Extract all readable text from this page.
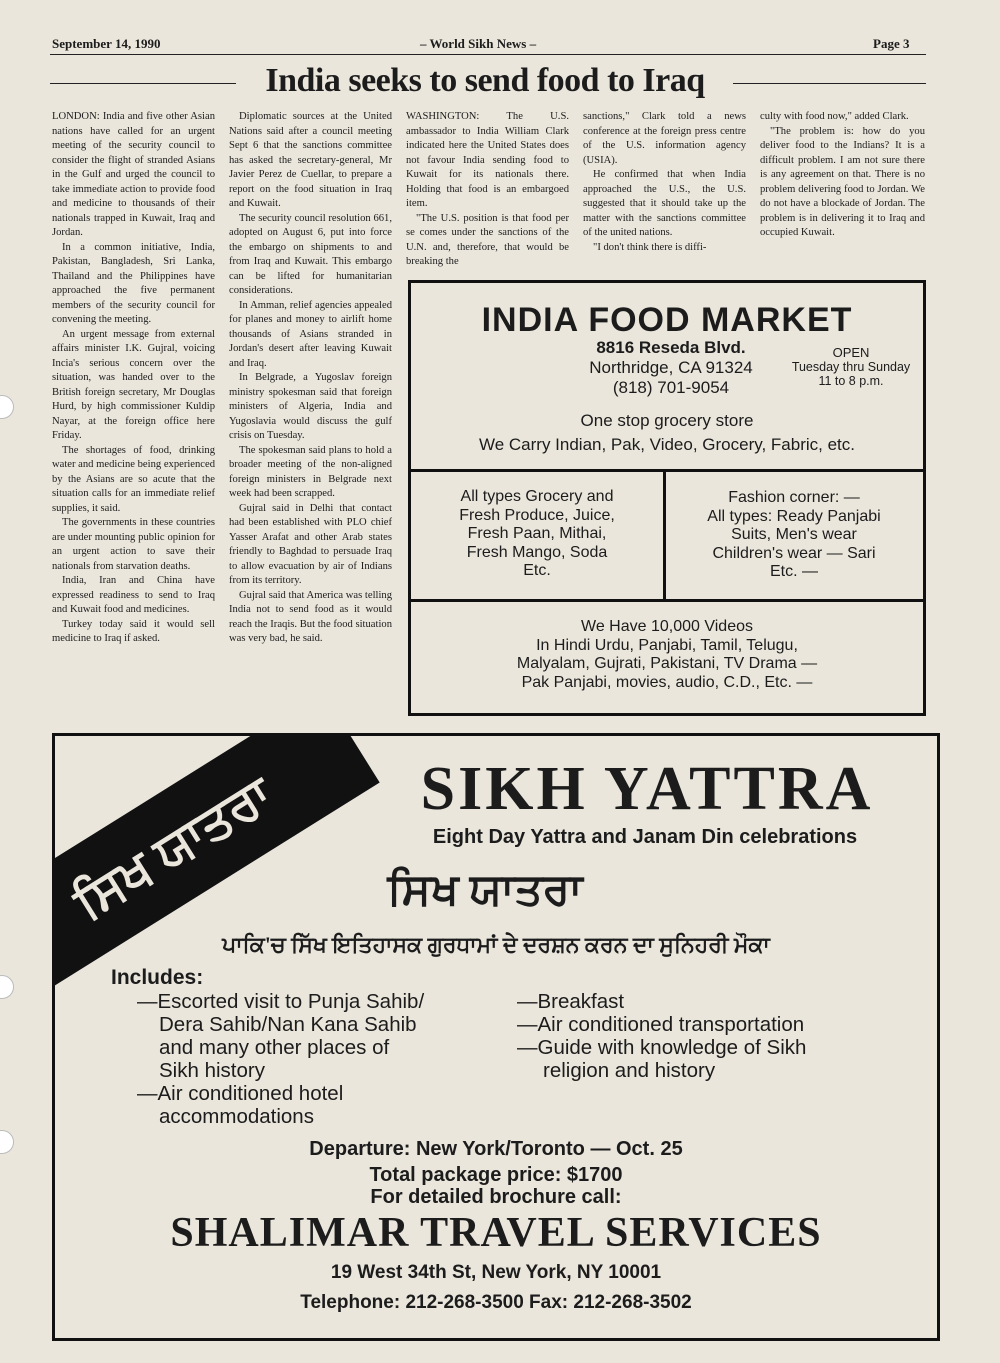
September 14, 1990	– World Sikh News –	Page 3
India seeks to send food to Iraq

LONDON: India and five other Asian nations have called for an urgent meeting of the security council to consider the flight of stranded Asians in the Gulf and urged the council to take immediate action to provide food and medicine to thousands of their nationals trapped in Kuwait, Iraq and Jordan.

In a common initiative, India, Pakistan, Bangladesh, Sri Lanka, Thailand and the Philippines have approached the five permanent members of the security council for convening the meeting.

An urgent message from external affairs minister I.K. Gujral, voicing Incia's serious concern over the situation, was handed over to the British foreign secretary, Mr Douglas Hurd, by high commissioner Kuldip Nayar, at the foreign office here Friday.

The shortages of food, drinking water and medicine being experienced by the Asians are so acute that the situation calls for an immediate relief supplies, it said.

The governments in these countries are under mounting public opinion for an urgent action to save their nationals from starvation deaths.

India, Iran and China have expressed readiness to send to Iraq and Kuwait food and medicines.

Turkey today said it would sell medicine to Iraq if asked.

Diplomatic sources at the United Nations said after a council meeting Sept 6 that the sanctions committee has asked the secretary-general, Mr Javier Perez de Cuellar, to prepare a report on the food situation in Iraq and Kuwait.

The security council resolution 661, adopted on August 6, put into force the embargo on shipments to and from Iraq and Kuwait. This embargo can be lifted for humanitarian considerations.

In Amman, relief agencies appealed for planes and money to airlift home thousands of Asians stranded in Jordan's desert after leaving Kuwait and Iraq.

In Belgrade, a Yugoslav foreign ministry spokesman said that foreign ministers of Algeria, India and Yugoslavia would discuss the gulf crisis on Tuesday.

The spokesman said plans to hold a broader meeting of the non-aligned foreign ministers in Belgrade next week had been scrapped.

Gujral said in Delhi that contact had been established with PLO chief Yasser Arafat and other Arab states friendly to Baghdad to persuade Iraq to allow evacuation by air of Indians from its territory.

Gujral said that America was telling India not to send food as it would reach the Iraqis. But the food situation was very bad, he said.

WASHINGTON: The U.S. ambassador to India William Clark indicated here the United States does not favour India sending food to Kuwait for its nationals there. Holding that food is an embargoed item.

"The U.S. position is that food per se comes under the sanctions of the U.N. and, therefore, that would be breaking the

sanctions," Clark told a news conference at the foreign press centre of the U.S. information agency (USIA).

He confirmed that when India approached the U.S., the U.S. suggested that it should take up the matter with the sanctions committee of the united nations.

"I don't think there is diffi-

culty with food now," added Clark.

"The problem is: how do you deliver food to the Indians? It is a difficult problem. I am not sure there is any agreement on that. There is no problem delivering food to Jordan. We do not have a blockade of Jordan. The problem is in delivering it to Iraq and occupied Kuwait.

INDIA FOOD MARKET
8816 Reseda Blvd.
Northridge, CA 91324
(818) 701-9054
OPEN
Tuesday thru Sunday
11 to 8 p.m.
One stop grocery store
We Carry Indian, Pak, Video, Grocery, Fabric, etc.
All types Grocery and
Fresh Produce, Juice,
Fresh Paan, Mithai,
Fresh Mango, Soda
Etc.
Fashion corner: —
All types: Ready Panjabi
Suits, Men's wear
Children's wear — Sari
Etc. —
We Have 10,000 Videos
In Hindi Urdu, Panjabi, Tamil, Telugu,
Malyalam, Gujrati, Pakistani, TV Drama —
Pak Panjabi, movies, audio, C.D., Etc. —
ਸਿਖ ਯਾਤਰਾ	SIKH YATTRA
Eight Day Yattra and Janam Din celebrations
ਸਿਖ ਯਾਤਰਾ
ਪਾਕਿ'ਚ ਸਿੱਖ ਇਤਿਹਾਸਕ ਗੁਰਧਾਮਾਂ ਦੇ ਦਰਸ਼ਨ ਕਰਨ ਦਾ ਸੁਨਿਹਰੀ ਮੌਕਾ
Includes:
—Escorted visit to Punja Sahib/
Dera Sahib/Nan Kana Sahib
and many other places of
Sikh history
—Air conditioned hotel
accommodations
—Breakfast
—Air conditioned transportation
—Guide with knowledge of Sikh
religion and history
Departure: New York/Toronto — Oct. 25
Total package price: $1700
For detailed brochure call:
SHALIMAR TRAVEL SERVICES
19 West 34th St, New York, NY 10001
Telephone: 212-268-3500 Fax: 212-268-3502
